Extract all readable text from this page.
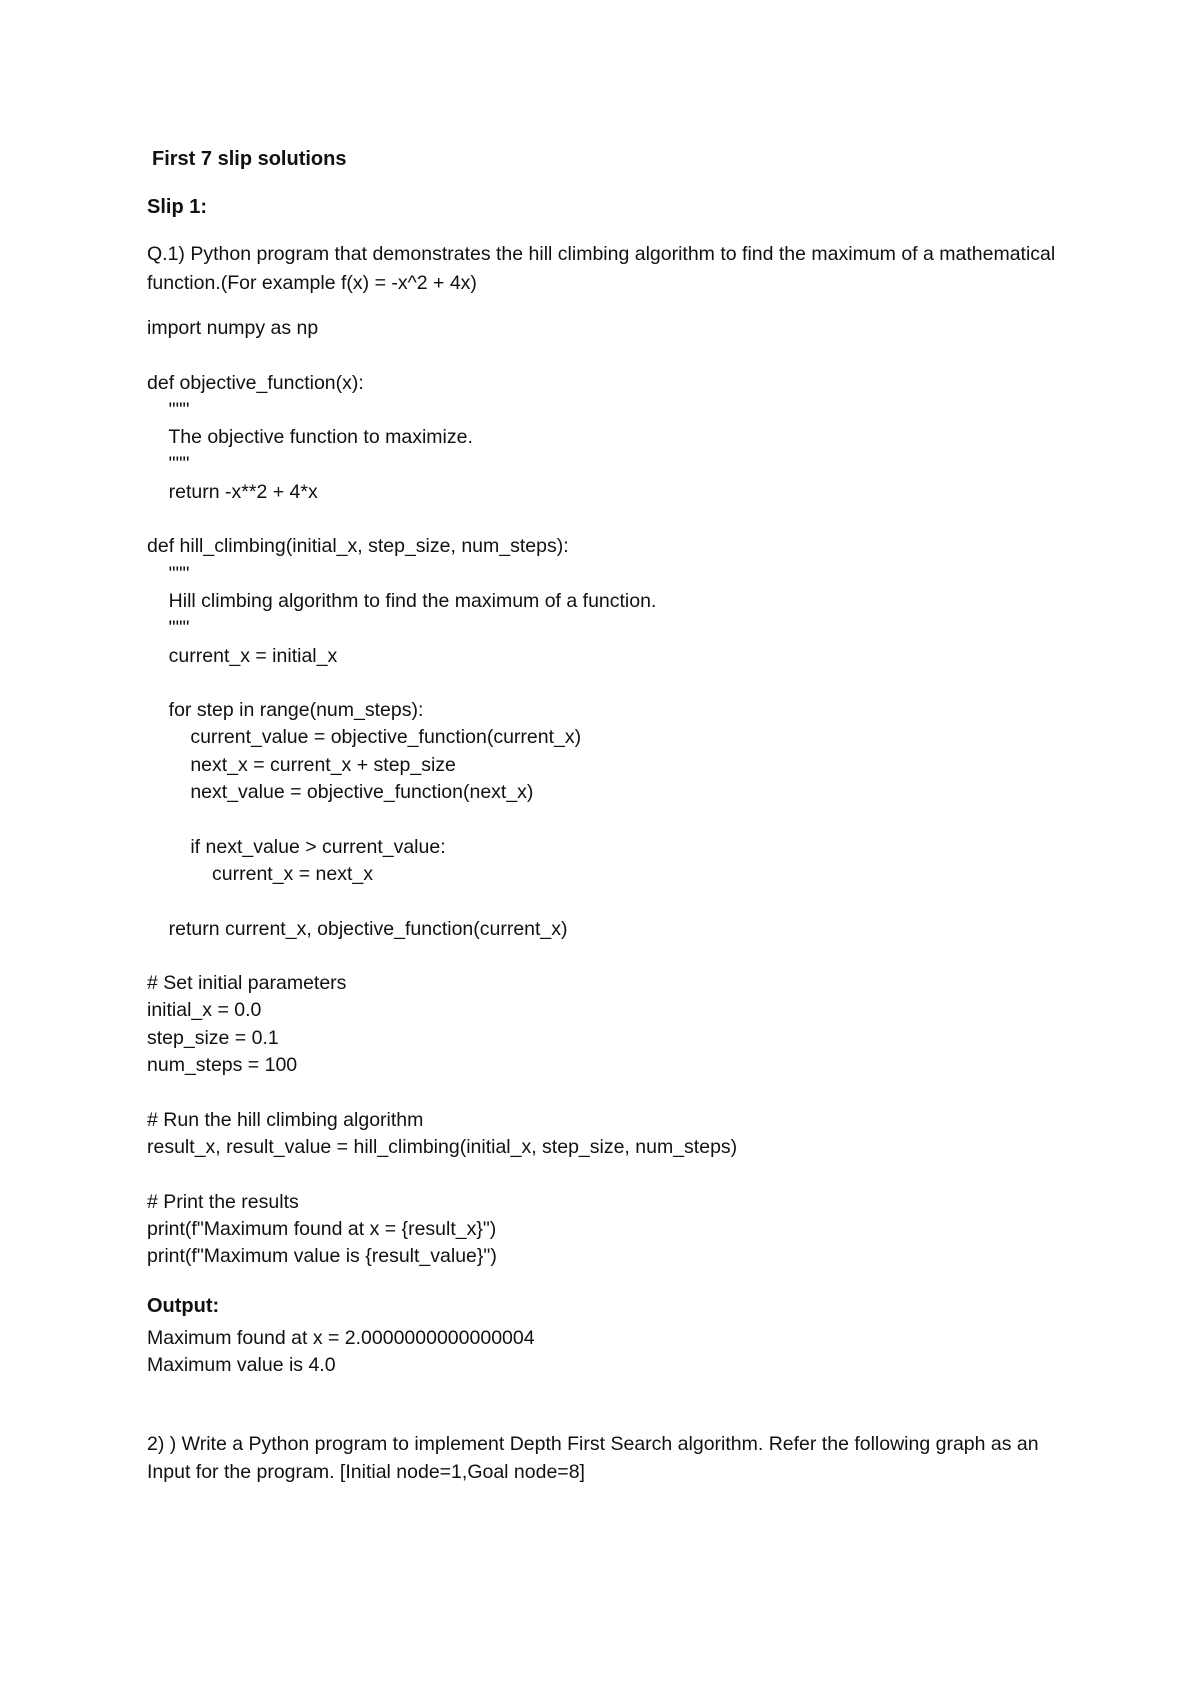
First 7 slip solutions
Slip 1:
Q.1) Python program that demonstrates the hill climbing algorithm to find the maximum of a mathematical function.(For example f(x) = -x^2 + 4x)
import numpy as np
def objective_function(x):
"""
The objective function to maximize.
"""
return -x**2 + 4*x
def hill_climbing(initial_x, step_size, num_steps):
"""
Hill climbing algorithm to find the maximum of a function.
"""
current_x = initial_x
for step in range(num_steps):
current_value = objective_function(current_x)
next_x = current_x + step_size
next_value = objective_function(next_x)
if next_value > current_value:
current_x = next_x
return current_x, objective_function(current_x)
# Set initial parameters
initial_x = 0.0
step_size = 0.1
num_steps = 100
# Run the hill climbing algorithm
result_x, result_value = hill_climbing(initial_x, step_size, num_steps)
# Print the results
print(f"Maximum found at x = {result_x}")
print(f"Maximum value is {result_value}")
Output:
Maximum found at x = 2.0000000000000004
Maximum value is 4.0
2) ) Write a Python program to implement Depth First Search algorithm. Refer the following graph as an Input for the program. [Initial node=1,Goal node=8]
